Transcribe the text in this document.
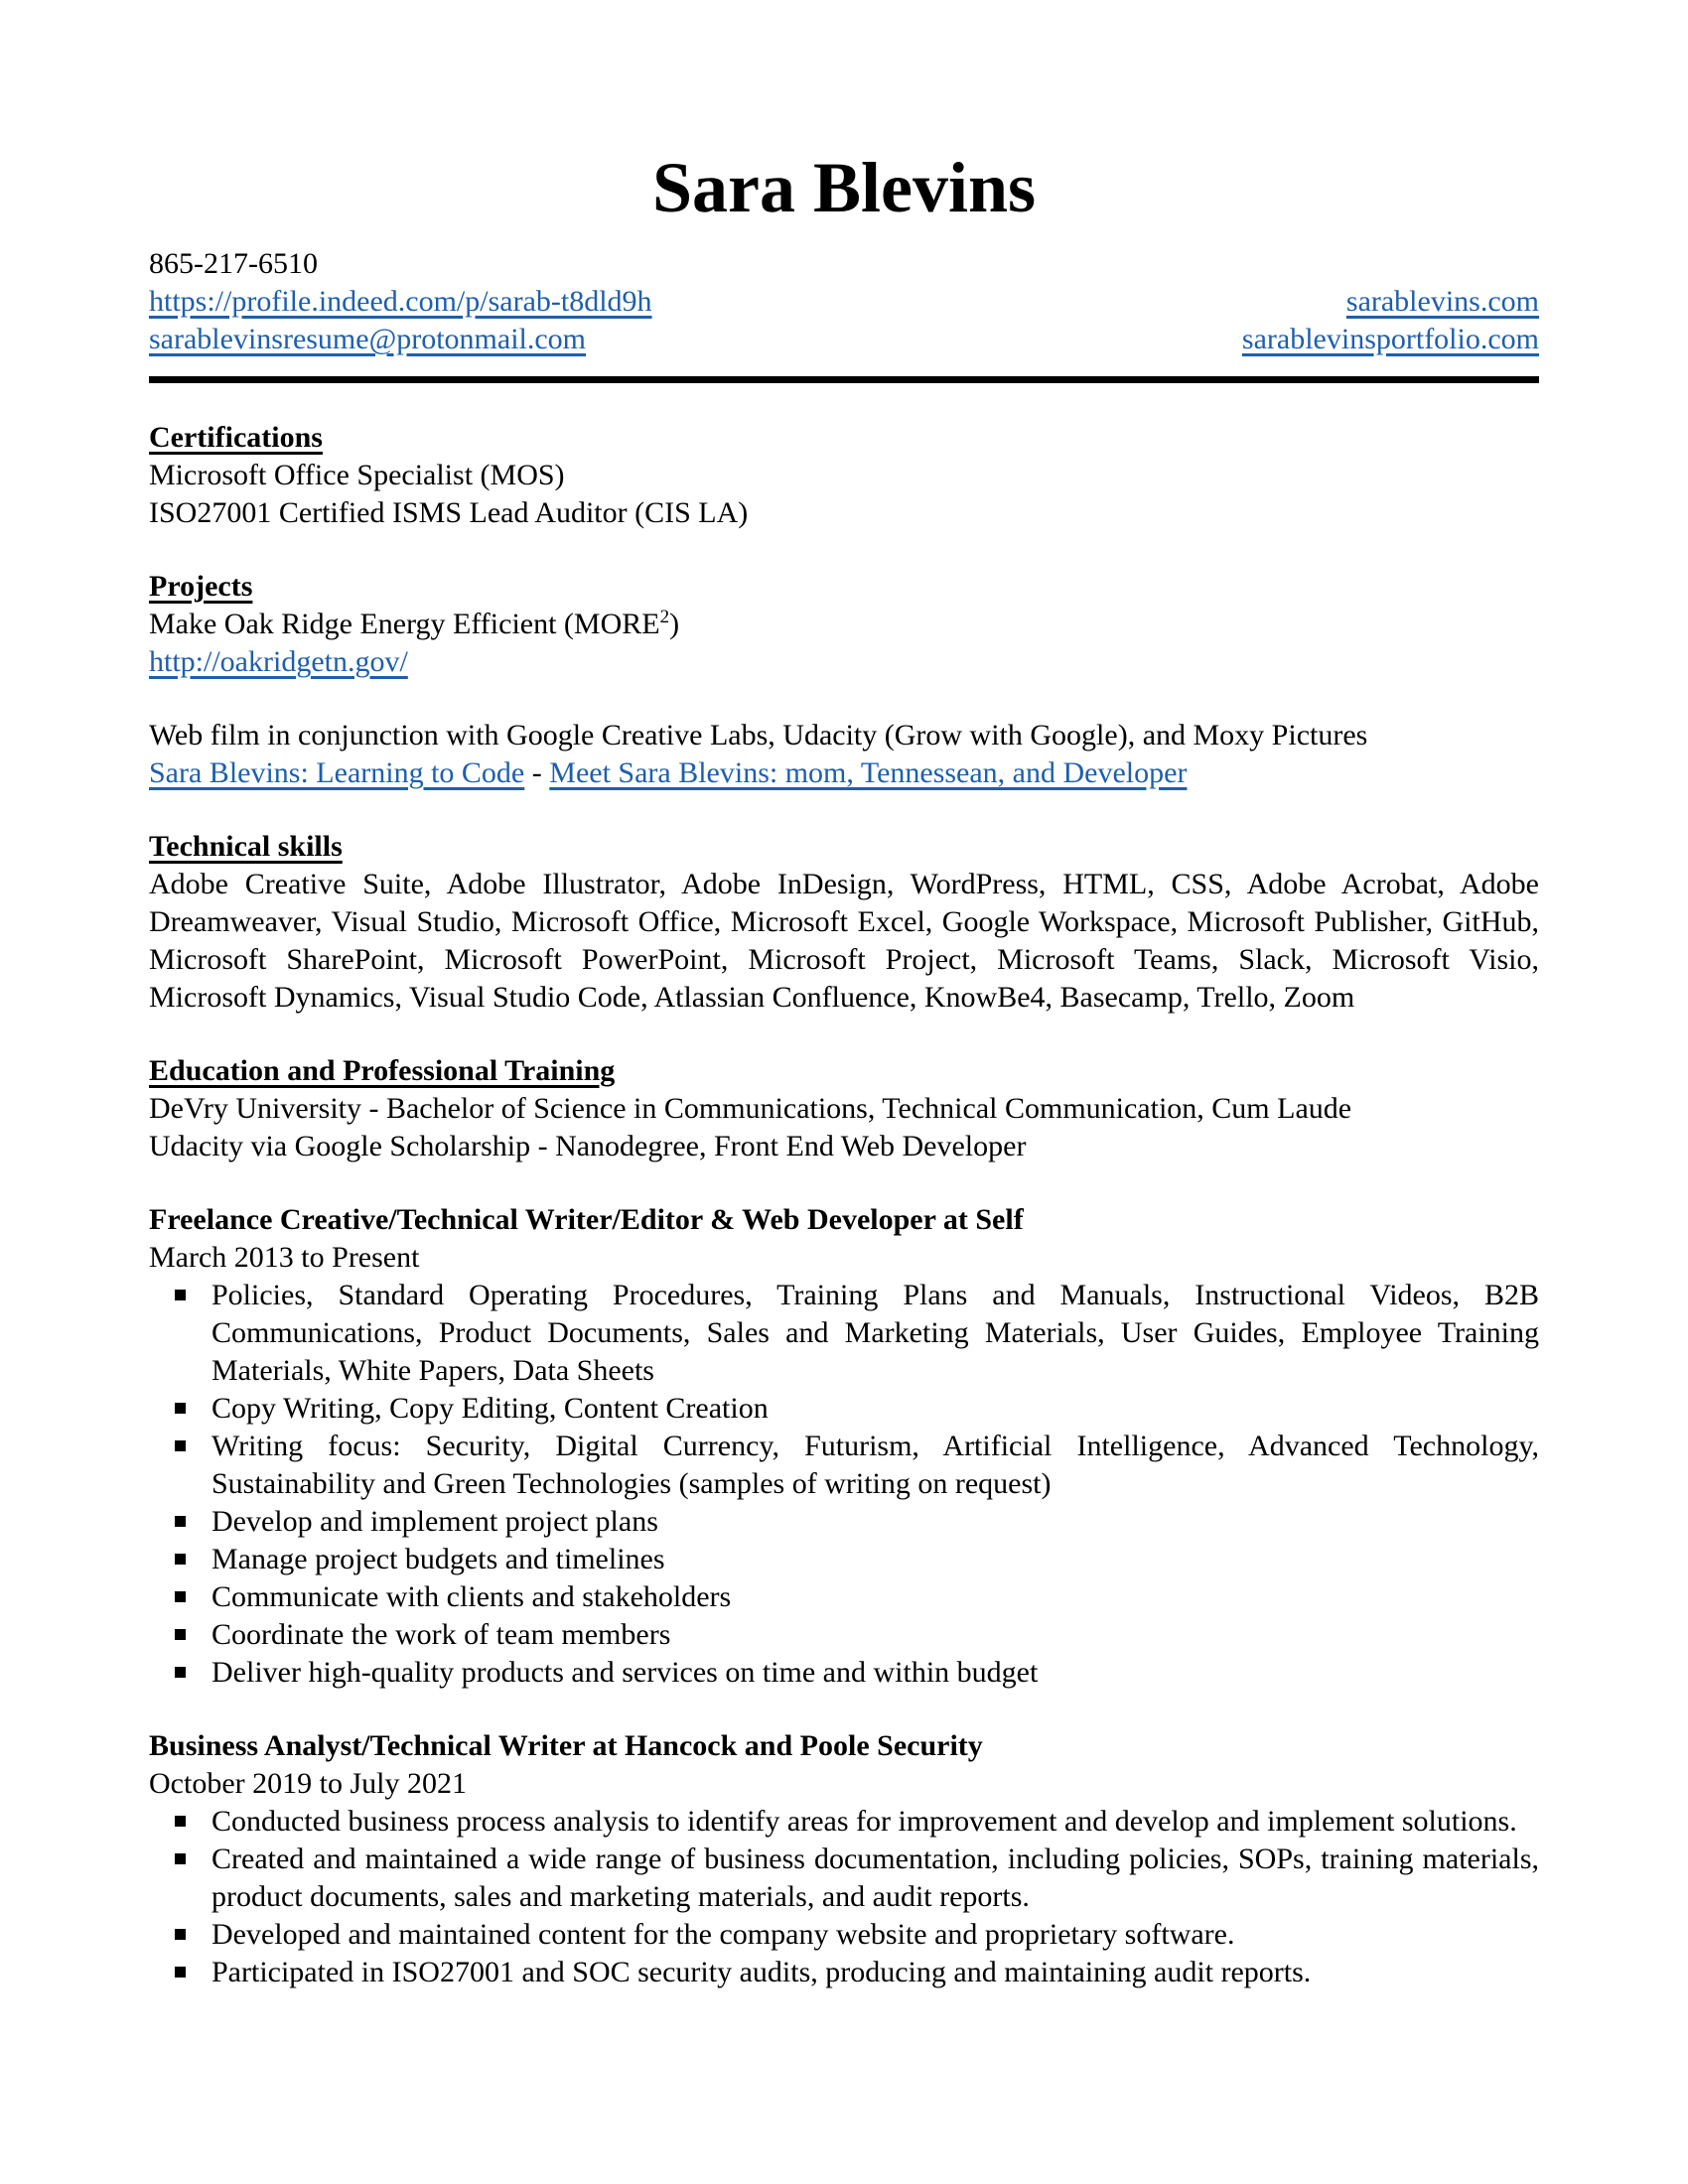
Sara Blevins
865-217-6510
https://profile.indeed.com/p/sarab-t8dld9h	sarablevins.com
sarablevinsresume@protonmail.com	sarablevinsportfolio.com
Certifications
Microsoft Office Specialist (MOS)
ISO27001 Certified ISMS Lead Auditor (CIS LA)
Projects
Make Oak Ridge Energy Efficient (MORE$^2$)
http://oakridgetn.gov/
Web film in conjunction with Google Creative Labs, Udacity (Grow with Google), and Moxy Pictures
Sara Blevins: Learning to Code - Meet Sara Blevins: mom, Tennessean, and Developer
Technical skills
Adobe Creative Suite, Adobe Illustrator, Adobe InDesign, WordPress, HTML, CSS, Adobe Acrobat, Adobe Dreamweaver, Visual Studio, Microsoft Office, Microsoft Excel, Google Workspace, Microsoft Publisher, GitHub, Microsoft SharePoint, Microsoft PowerPoint, Microsoft Project, Microsoft Teams, Slack, Microsoft Visio, Microsoft Dynamics, Visual Studio Code, Atlassian Confluence, KnowBe4, Basecamp, Trello, Zoom
Education and Professional Training
DeVry University - Bachelor of Science in Communications, Technical Communication, Cum Laude
Udacity via Google Scholarship - Nanodegree, Front End Web Developer
Freelance Creative/Technical Writer/Editor & Web Developer at Self
March 2013 to Present
Policies, Standard Operating Procedures, Training Plans and Manuals, Instructional Videos, B2B Communications, Product Documents, Sales and Marketing Materials, User Guides, Employee Training Materials, White Papers, Data Sheets
Copy Writing, Copy Editing, Content Creation
Writing focus: Security, Digital Currency, Futurism, Artificial Intelligence, Advanced Technology, Sustainability and Green Technologies (samples of writing on request)
Develop and implement project plans
Manage project budgets and timelines
Communicate with clients and stakeholders
Coordinate the work of team members
Deliver high-quality products and services on time and within budget
Business Analyst/Technical Writer at Hancock and Poole Security
October 2019 to July 2021
Conducted business process analysis to identify areas for improvement and develop and implement solutions.
Created and maintained a wide range of business documentation, including policies, SOPs, training materials, product documents, sales and marketing materials, and audit reports.
Developed and maintained content for the company website and proprietary software.
Participated in ISO27001 and SOC security audits, producing and maintaining audit reports.
